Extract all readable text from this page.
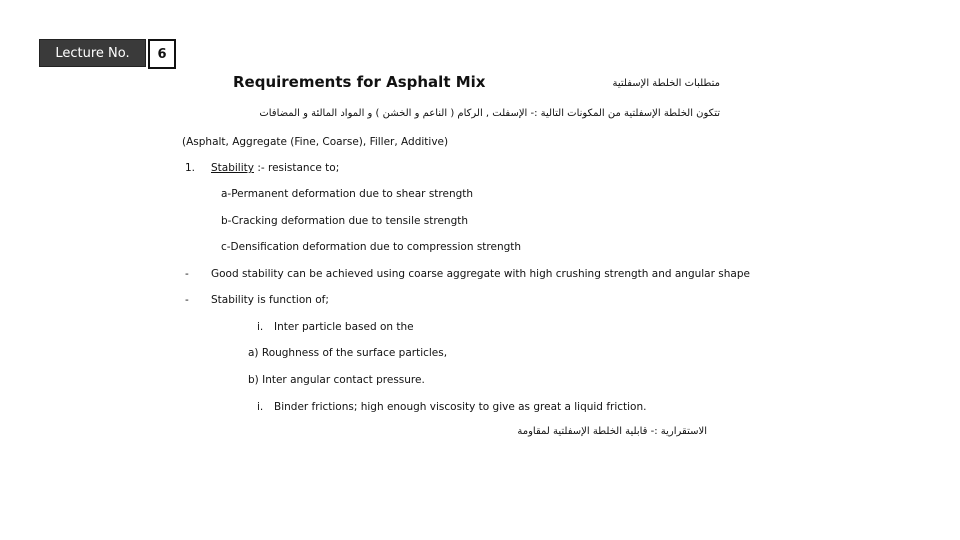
Lecture No. 6
Requirements for Asphalt Mix	متطلبات الخلطة الإسفلتية
تتكون الخلطة الإسفلتية من المكونات التالية :- الإسفلت , الركام ( الناعم و الخشن ) و المواد المالئة و المضافات
(Asphalt, Aggregate (Fine, Coarse), Filler, Additive)
1. Stability :- resistance to;
a-Permanent deformation due to shear strength
b-Cracking deformation due to tensile strength
c-Densification deformation due to compression strength
- Good stability can be achieved using coarse aggregate with high crushing strength and angular shape
- Stability is function of;
i. Inter particle based on the
a) Roughness of the surface particles,
b) Inter angular contact pressure.
i. Binder frictions; high enough viscosity to give as great a liquid friction.
الاستقرارية :- قابلية الخلطة الإسفلتية لمقاومة
